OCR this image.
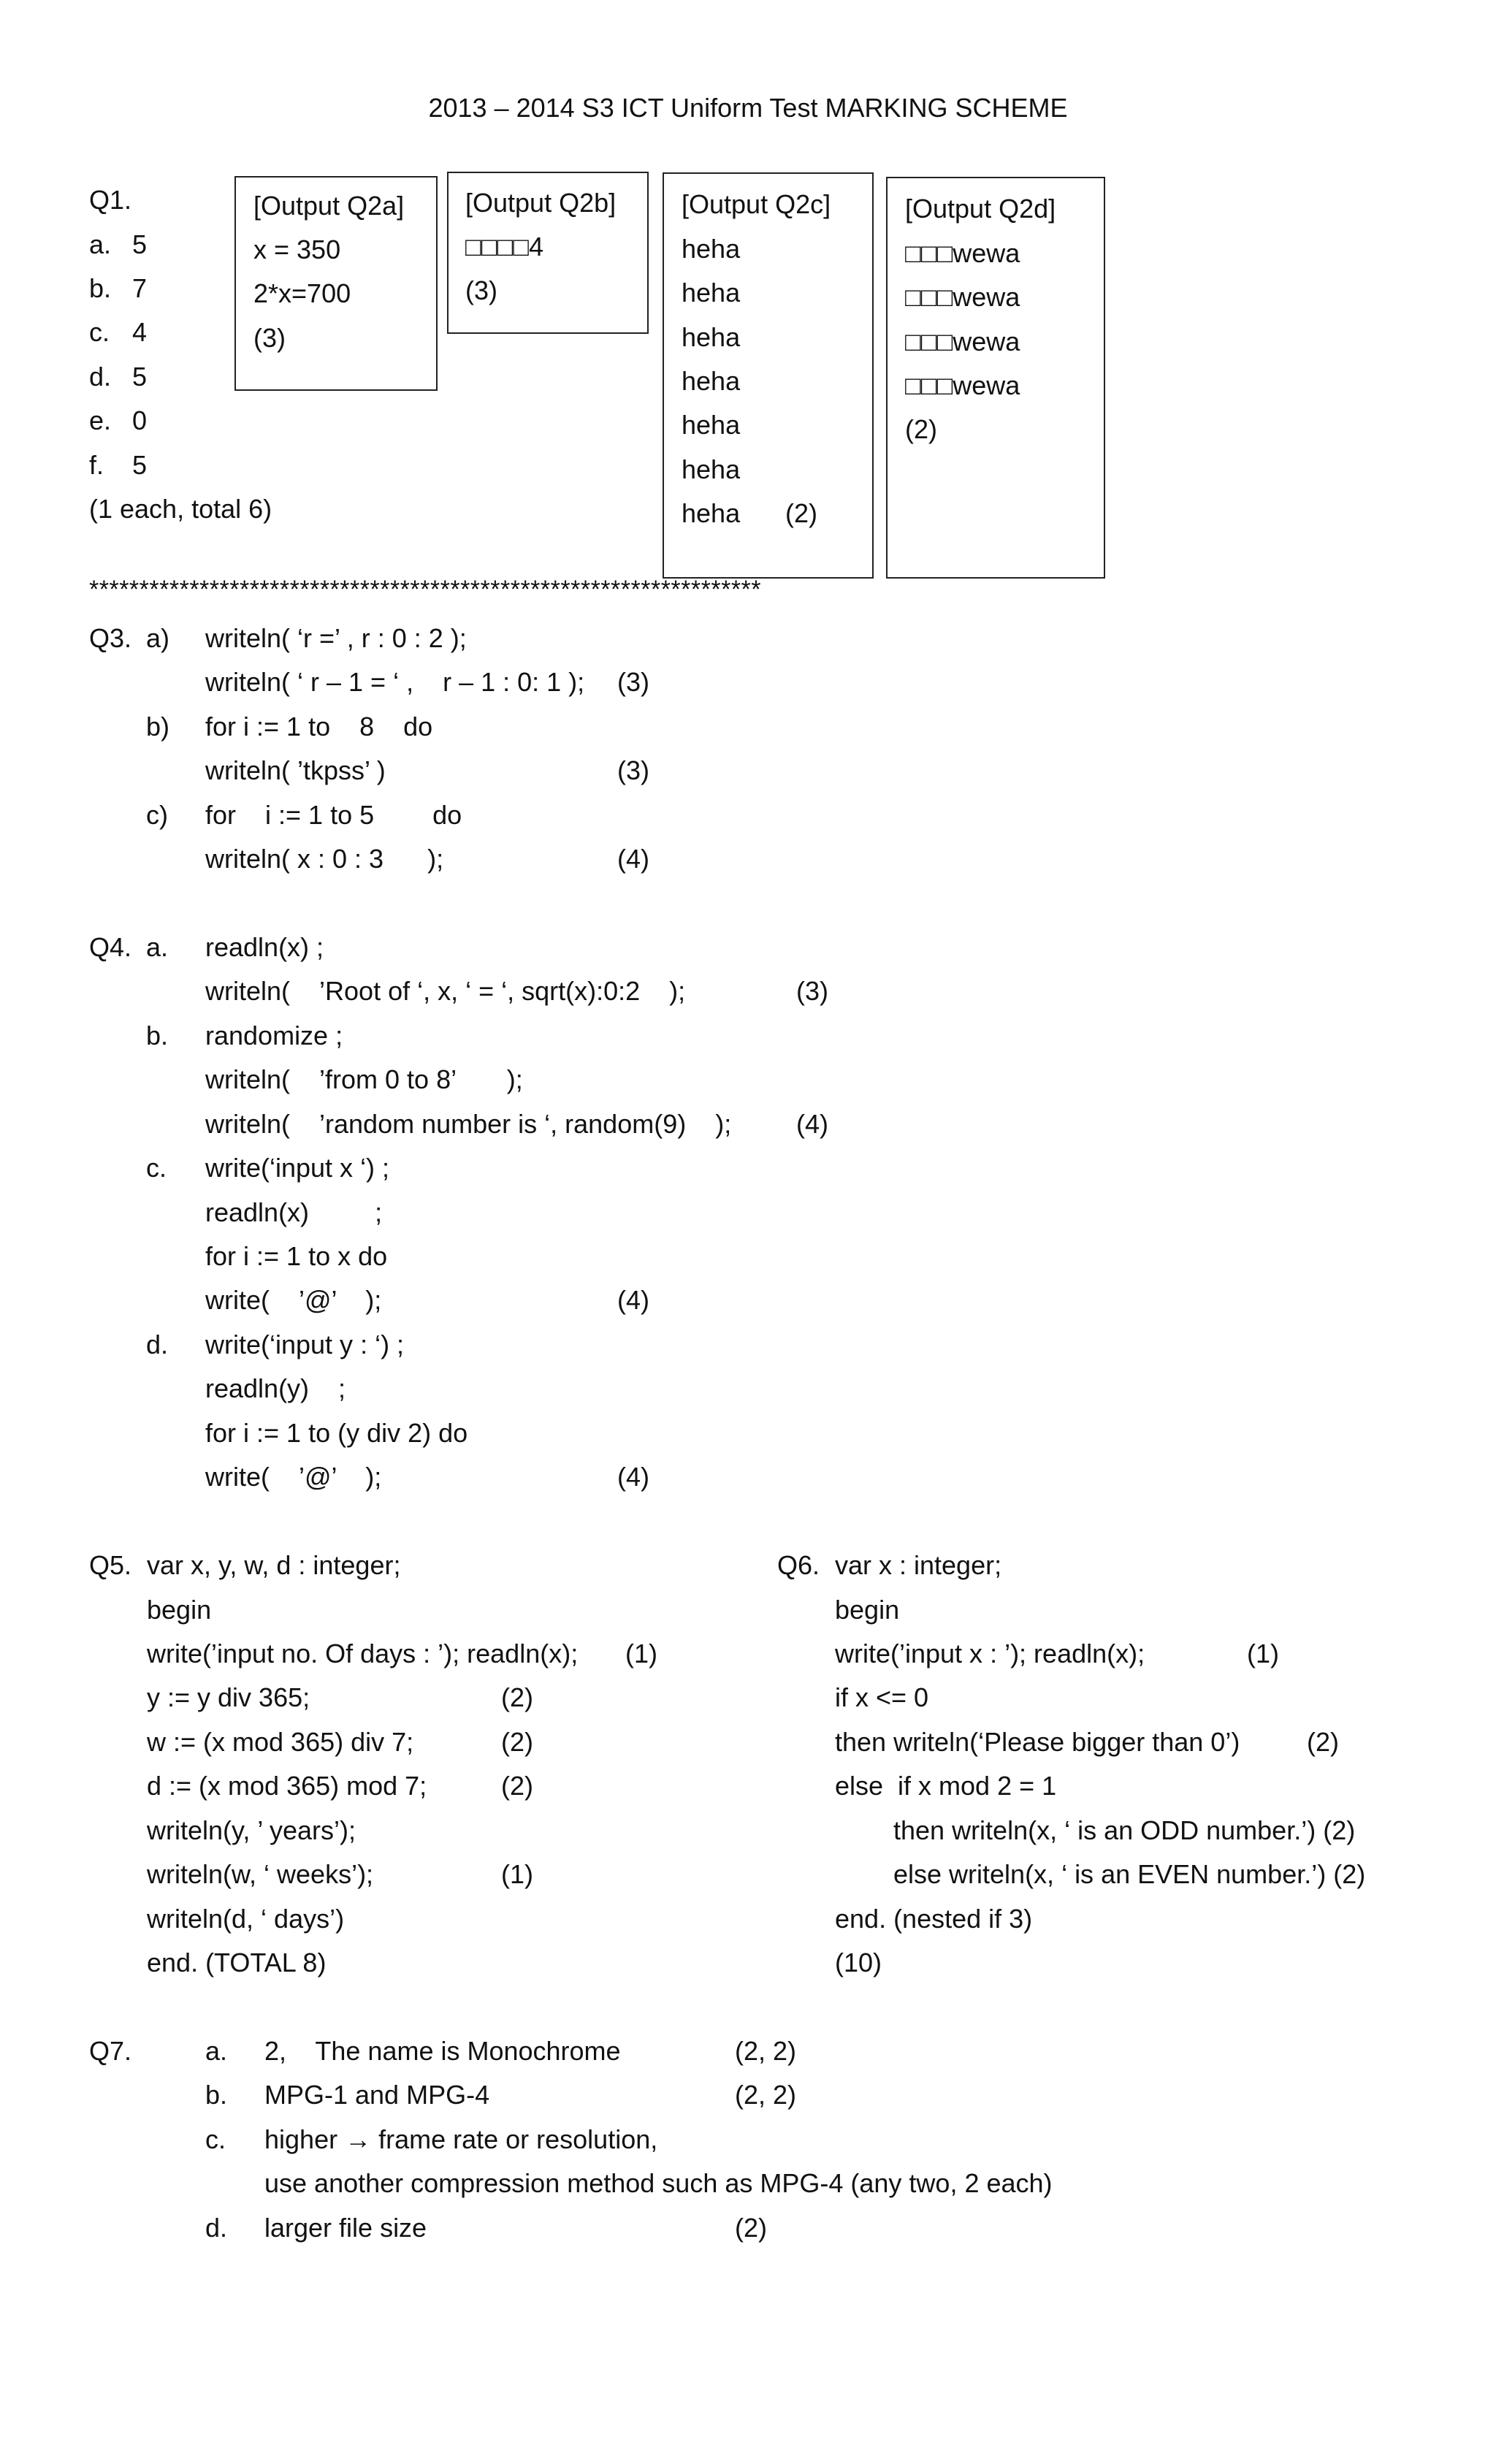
2013 – 2014 S3 ICT Uniform Test MARKING SCHEME
Q1.
a. 5
b. 7
c. 4
d. 5
e. 0
f. 5
(1 each, total 6)
[Output Q2a]
x = 350
2*x=700
(3)
[Output Q2b]
□□□□4
(3)
[Output Q2c]
heha
heha
heha
heha
heha
heha
heha (2)
[Output Q2d]
□□□wewa
□□□wewa
□□□wewa
□□□wewa
(2)
*******************************************************************
Q3. a) writeln( ‘r =’ , r : 0 : 2 );
writeln( ‘ r – 1 = ‘ ,    r – 1 : 0: 1 ); (3)
b) for i := 1 to    8    do
writeln( ’tkpss’ )	(3)
c) for    i := 1 to 5        do
writeln( x : 0 : 3      );	(4)
Q4. a. readln(x) ;
writeln(    ’Root of ‘, x, ‘ = ‘, sqrt(x):0:2    );	(3)
b. randomize ;
writeln(    ’from 0 to 8’       );
writeln(    ’random number is ‘, random(9)    ); (4)
c. write(‘input x ‘) ;
readln(x)         ;
for i := 1 to x do
write(    ’@’    );	(4)
d. write(‘input y : ‘) ;
readln(y)    ;
for i := 1 to (y div 2) do
write(    ’@’    );	(4)
Q5. var x, y, w, d : integer;
begin
write(’input no. Of days : ’); readln(x); (1)
y := y div 365;	(2)
w := (x mod 365) div 7;	(2)
d := (x mod 365) mod 7;	(2)
writeln(y, ’ years’);
writeln(w, ‘ weeks’);	(1)
writeln(d, ‘ days’)
end. (TOTAL 8)
Q6. var x : integer;
begin
write(’input x : ’); readln(x);	(1)
if x <= 0
then writeln(‘Please bigger than 0’)	(2)
else  if x mod 2 = 1
then writeln(x, ‘ is an ODD number.’) (2)
else writeln(x, ‘ is an EVEN number.’) (2)
end. (nested if 3)
(10)
Q7.	a. 2,    The name is Monochrome	(2, 2)
b. MPG-1 and MPG-4	(2, 2)
c. higher → frame rate or resolution,
use another compression method such as MPG-4 (any two, 2 each)
d. larger file size	(2)
